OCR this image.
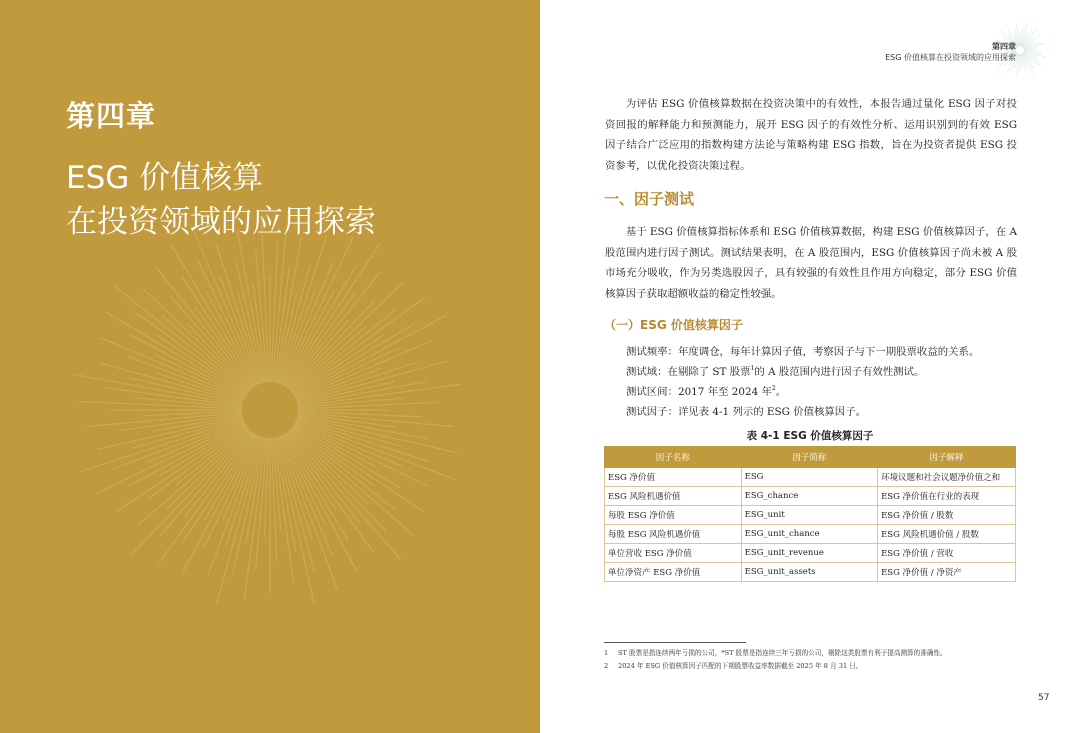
第四章
ESG 价值核算
在投资领域的应用探索
第四章
ESG 价值核算在投资领域的应用探索
为评估 ESG 价值核算数据在投资决策中的有效性，本报告通过量化 ESG 因子对投资回报的解释能力和预测能力，展开 ESG 因子的有效性分析、运用识别到的有效 ESG 因子结合广泛应用的指数构建方法论与策略构建 ESG 指数，旨在为投资者提供 ESG 投资参考，以优化投资决策过程。
一、因子测试
基于 ESG 价值核算指标体系和 ESG 价值核算数据，构建 ESG 价值核算因子，在 A 股范围内进行因子测试。测试结果表明，在 A 股范围内，ESG 价值核算因子尚未被 A 股市场充分吸收，作为另类选股因子，具有较强的有效性且作用方向稳定，部分 ESG 价值核算因子获取超额收益的稳定性较强。
（一）ESG 价值核算因子
测试频率：年度调仓，每年计算因子值，考察因子与下一期股票收益的关系。
测试域：在剔除了 ST 股票$^1$的 A 股范围内进行因子有效性测试。
测试区间：2017 年至 2024 年$^2$。
测试因子：详见表 4-1 列示的 ESG 价值核算因子。
表 4-1 ESG 价值核算因子
因子名称	因子简称	因子解释
ESG 净价值	ESG	环境议题和社会议题净价值之和
ESG 风险机遇价值	ESG_chance	ESG 净价值在行业的表现
每股 ESG 净价值	ESG_unit	ESG 净价值 / 股数
每股 ESG 风险机遇价值	ESG_unit_chance	ESG 风险机遇价值 / 股数
单位营收 ESG 净价值	ESG_unit_revenue	ESG 净价值 / 营收
单位净资产 ESG 净价值	ESG_unit_assets	ESG 净价值 / 净资产
1 ST 股票是指连续两年亏损的公司，*ST 股票是指连续三年亏损的公司，剔除这类股票有利于提高测算的准确性。
2 2024 年 ESG 价值核算因子匹配的下期股票收益率数据截至 2025 年 8 月 31 日。
57
